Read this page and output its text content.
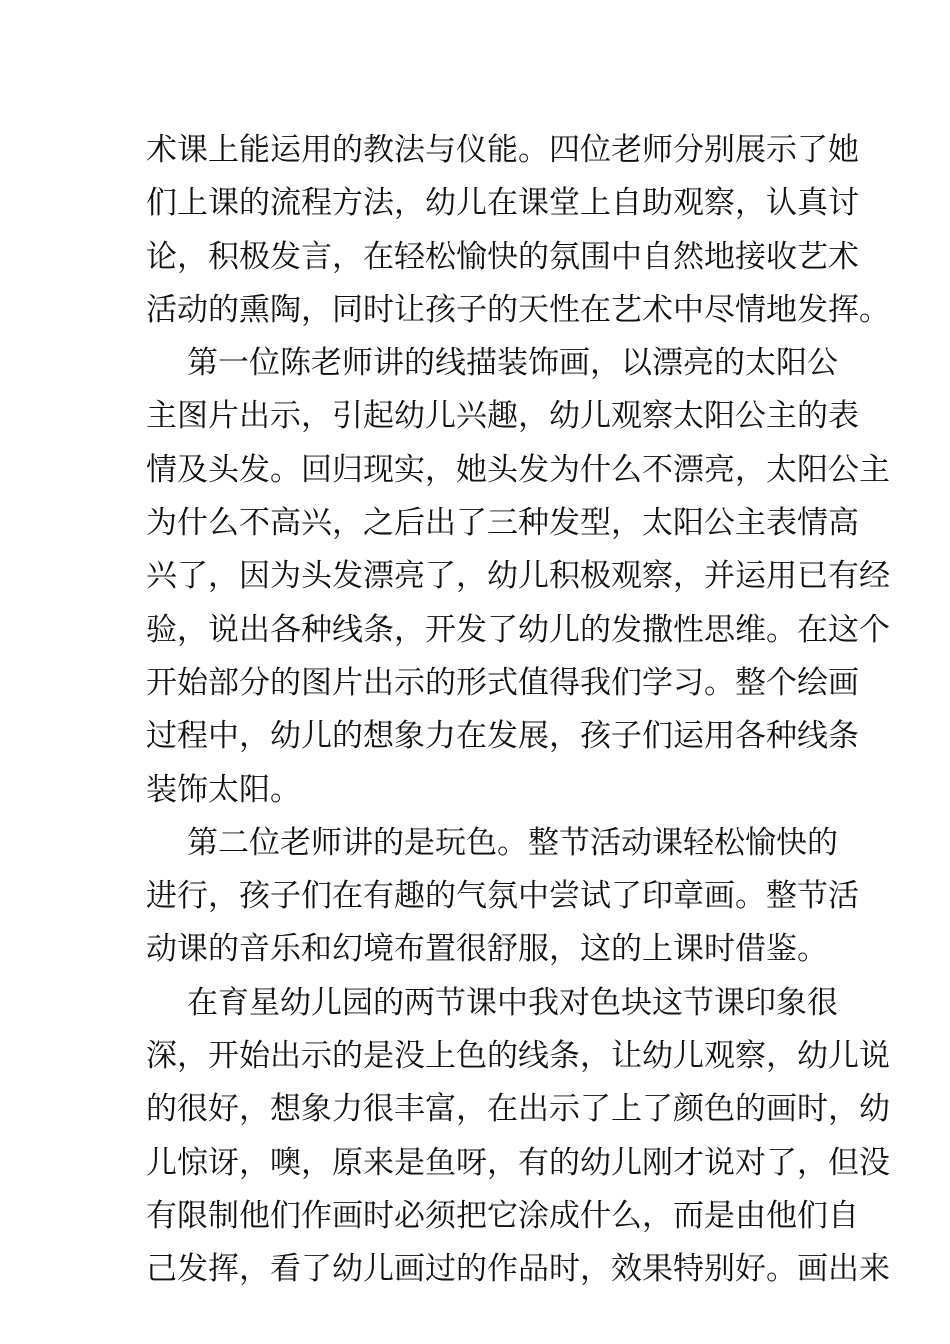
术课上能运用的教法与仪能。四位老师分别展示了她
们上课的流程方法，幼儿在课堂上自助观察，认真讨
论，积极发言，在轻松愉快的氛围中自然地接收艺术
活动的熏陶，同时让孩子的天性在艺术中尽情地发挥。
第一位陈老师讲的线描装饰画，以漂亮的太阳公
主图片出示，引起幼儿兴趣，幼儿观察太阳公主的表
情及头发。回归现实，她头发为什么不漂亮，太阳公主
为什么不高兴，之后出了三种发型，太阳公主表情高
兴了，因为头发漂亮了，幼儿积极观察，并运用已有经
验，说出各种线条，开发了幼儿的发撒性思维。在这个
开始部分的图片出示的形式值得我们学习。整个绘画
过程中，幼儿的想象力在发展，孩子们运用各种线条
装饰太阳。
第二位老师讲的是玩色。整节活动课轻松愉快的
进行，孩子们在有趣的气氛中尝试了印章画。整节活
动课的音乐和幻境布置很舒服，这的上课时借鉴。
在育星幼儿园的两节课中我对色块这节课印象很
深，开始出示的是没上色的线条，让幼儿观察，幼儿说
的很好，想象力很丰富，在出示了上了颜色的画时，幼
儿惊讶，噢，原来是鱼呀，有的幼儿刚才说对了，但没
有限制他们作画时必须把它涂成什么，而是由他们自
己发挥，看了幼儿画过的作品时，效果特别好。画出来
